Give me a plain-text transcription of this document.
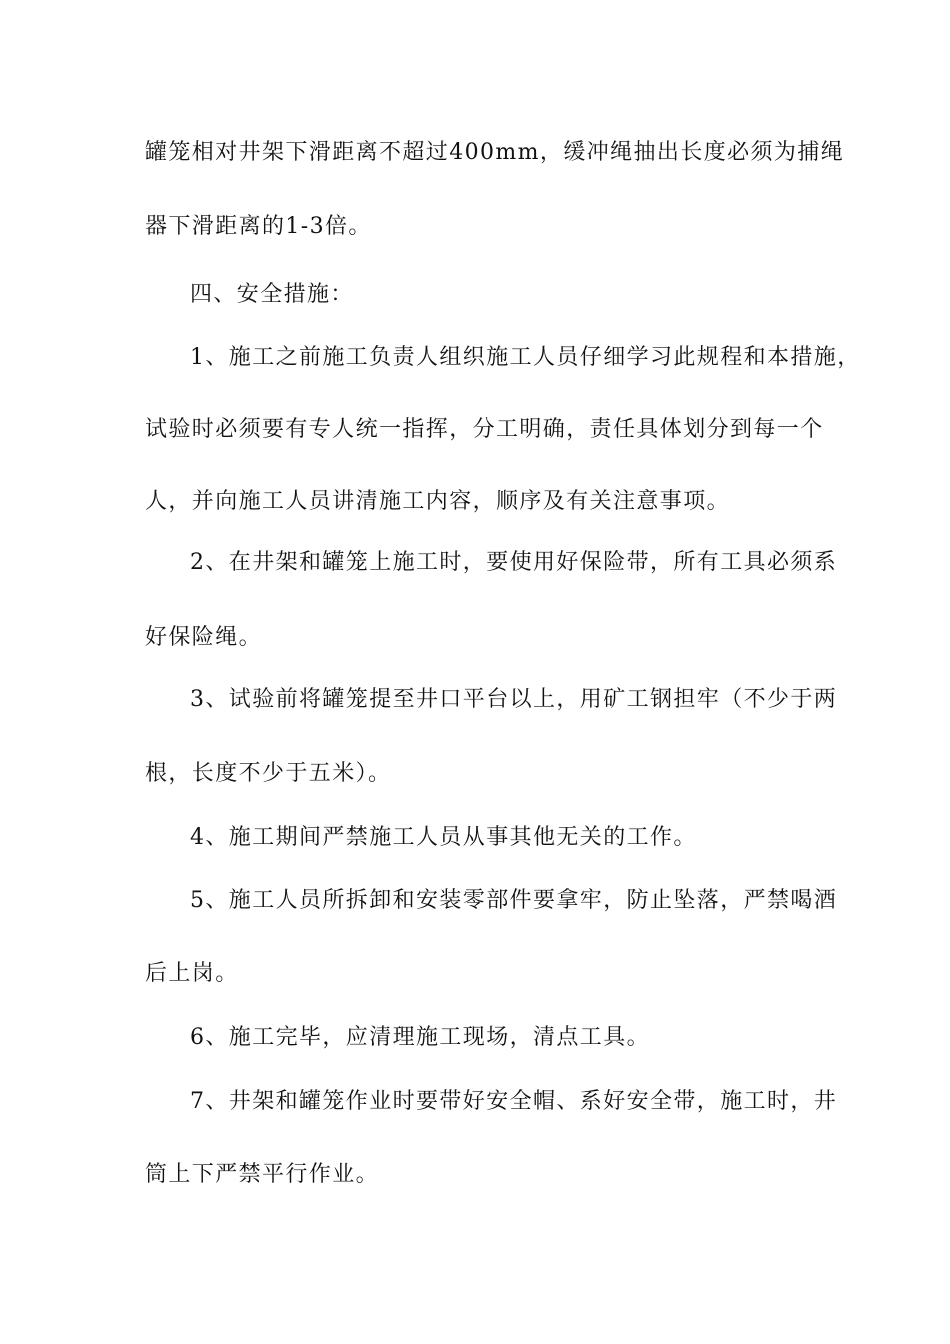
罐笼相对井架下滑距离不超过400mm，缓冲绳抽出长度必须为捕绳
器下滑距离的1-3倍。
四、安全措施：
1、施工之前施工负责人组织施工人员仔细学习此规程和本措施，
试验时必须要有专人统一指挥，分工明确，责任具体划分到每一个
人，并向施工人员讲清施工内容，顺序及有关注意事项。
2、在井架和罐笼上施工时，要使用好保险带，所有工具必须系
好保险绳。
3、试验前将罐笼提至井口平台以上，用矿工钢担牢（不少于两
根，长度不少于五米）。
4、施工期间严禁施工人员从事其他无关的工作。
5、施工人员所拆卸和安装零部件要拿牢，防止坠落，严禁喝酒
后上岗。
6、施工完毕，应清理施工现场，清点工具。
7、井架和罐笼作业时要带好安全帽、系好安全带，施工时，井
筒上下严禁平行作业。
